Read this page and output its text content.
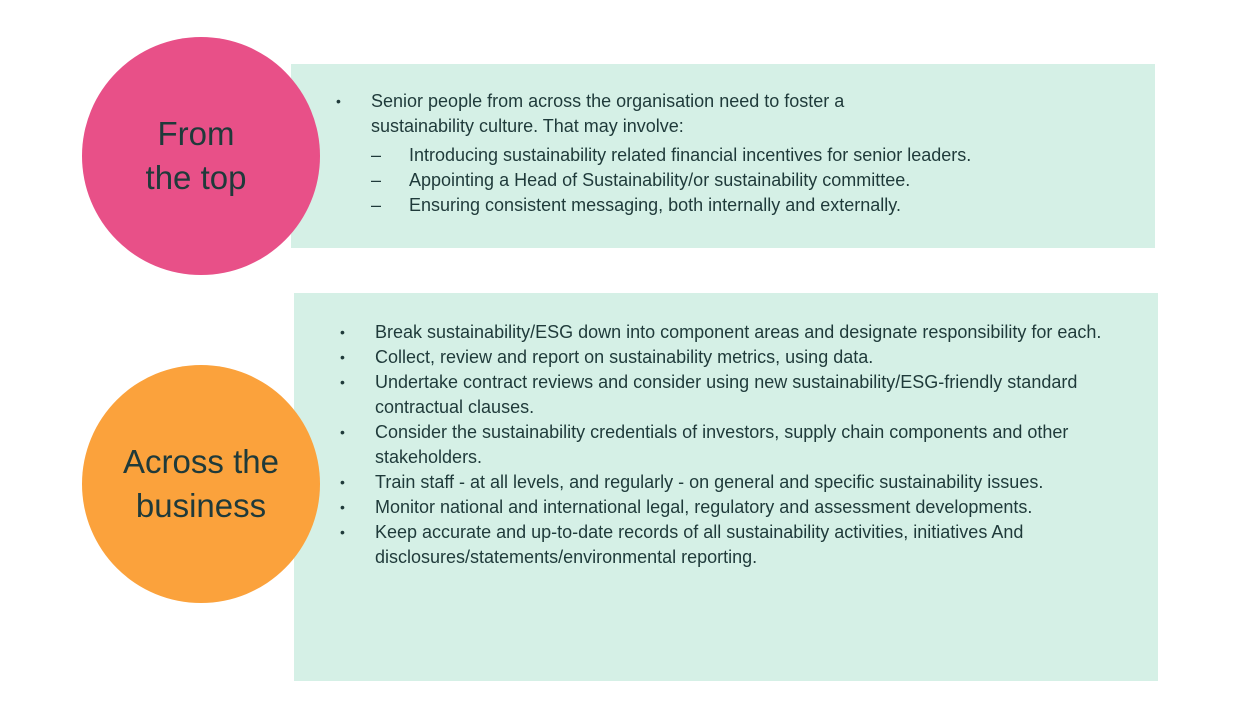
From
the top
Across the
business
• Senior people from across the organisation need to foster a sustainability culture. That may involve:
– Introducing sustainability related financial incentives for senior leaders.
– Appointing a Head of Sustainability/or sustainability committee.
– Ensuring consistent messaging, both internally and externally.
• Break sustainability/ESG down into component areas and designate responsibility for each.
• Collect, review and report on sustainability metrics, using data.
• Undertake contract reviews and consider using new sustainability/ESG-friendly standard contractual clauses.
• Consider the sustainability credentials of investors, supply chain components and other stakeholders.
• Train staff - at all levels, and regularly - on general and specific sustainability issues.
• Monitor national and international legal, regulatory and assessment developments.
• Keep accurate and up-to-date records of all sustainability activities, initiatives And disclosures/statements/environmental reporting.
